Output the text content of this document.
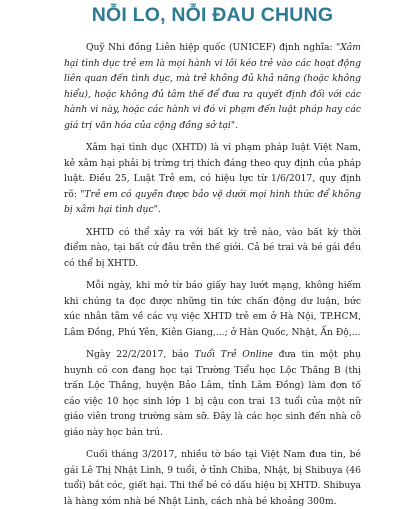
NỖI LO, NỖI ĐAU CHUNG

Quỹ Nhi đồng Liên hiệp quốc (UNICEF) định nghĩa: "Xâm hại tình dục trẻ em là mọi hành vi lôi kéo trẻ vào các hoạt động liên quan đến tình dục, mà trẻ không đủ khả năng (hoặc không hiểu), hoặc không đủ tâm thế để đưa ra quyết định đối với các hành vi này, hoặc các hành vi đó vi phạm đến luật pháp hay các giá trị văn hóa của cộng đồng sở tại".

Xâm hại tình dục (XHTD) là vi phạm pháp luật Việt Nam, kẻ xâm hại phải bị trừng trị thích đáng theo quy định của pháp luật. Điều 25, Luật Trẻ em, có hiệu lực từ 1/6/2017, quy định rõ: "Trẻ em có quyền được bảo vệ dưới mọi hình thức để không bị xâm hại tình dục".

XHTD có thể xảy ra với bất kỳ trẻ nào, vào bất kỳ thời điểm nào, tại bất cứ đâu trên thế giới. Cả bé trai và bé gái đều có thể bị XHTD.

Mỗi ngày, khi mở từ báo giấy hay lướt mạng, không hiếm khi chúng ta đọc được những tin tức chấn động dư luận, bức xúc nhân tâm về các vụ việc XHTD trẻ em ở Hà Nội, TP.HCM, Lâm Đồng, Phú Yên, Kiên Giang,...; ở Hàn Quốc, Nhật, Ấn Độ,...

Ngày 22/2/2017, báo Tuổi Trẻ Online đưa tin một phụ huynh có con đang học tại Trường Tiểu học Lộc Thắng B (thị trấn Lộc Thắng, huyện Bảo Lâm, tỉnh Lâm Đồng) làm đơn tố cáo việc 10 học sinh lớp 1 bị cậu con trai 13 tuổi của một nữ giáo viên trong trường sàm sỡ. Đây là các học sinh đến nhà cô giáo này học bán trú.

Cuối tháng 3/2017, nhiều tờ báo tại Việt Nam đưa tin, bé gái Lê Thị Nhật Linh, 9 tuổi, ở tỉnh Chiba, Nhật, bị Shibuya (46 tuổi) bắt cóc, giết hại. Thi thể bé có dấu hiệu bị XHTD. Shibuya là hàng xóm nhà bé Nhật Linh, cách nhà bé khoảng 300m.
